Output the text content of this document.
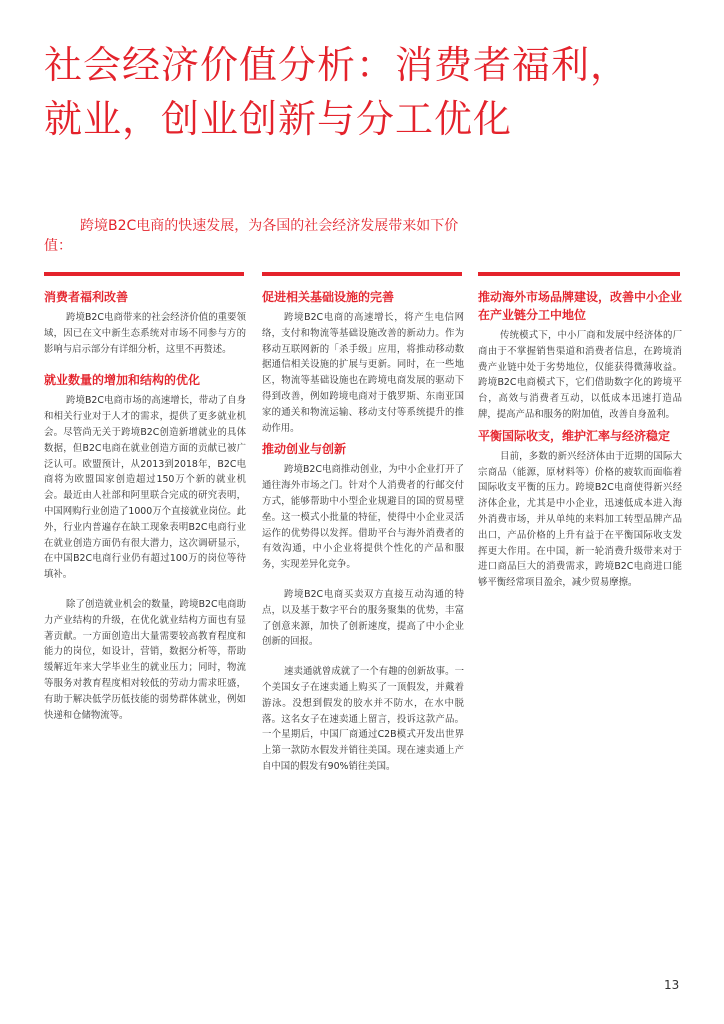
社会经济价值分析：消费者福利，
就业，创业创新与分工优化

跨境B2C电商的快速发展，为各国的社会经济发展带来如下价值：

消费者福利改善

跨境B2C电商带来的社会经济价值的重要领域，因已在文中新生态系统对市场不同参与方的影响与启示部分有详细分析，这里不再赘述。

就业数量的增加和结构的优化

跨境B2C电商市场的高速增长，带动了自身和相关行业对于人才的需求，提供了更多就业机会。尽管尚无关于跨境B2C创造新增就业的具体数据，但B2C电商在就业创造方面的贡献已被广泛认可。欧盟预计，从2013到2018年，B2C电商将为欧盟国家创造超过150万个新的就业机会。最近由人社部和阿里联合完成的研究表明，中国网购行业创造了1000万个直接就业岗位。此外，行业内普遍存在缺工现象表明B2C电商行业在就业创造方面仍有很大潜力，这次调研显示，在中国B2C电商行业仍有超过100万的岗位等待填补。

除了创造就业机会的数量，跨境B2C电商助力产业结构的升级，在优化就业结构方面也有显著贡献。一方面创造出大量需要较高教育程度和能力的岗位，如设计，营销，数据分析等，帮助缓解近年来大学毕业生的就业压力；同时，物流等服务对教育程度相对较低的劳动力需求旺盛，有助于解决低学历低技能的弱势群体就业，例如快递和仓储物流等。

促进相关基础设施的完善

跨境B2C电商的高速增长，将产生电信网络，支付和物流等基础设施改善的新动力。作为移动互联网新的「杀手级」应用，将推动移动数据通信相关设施的扩展与更新。同时，在一些地区，物流等基础设施也在跨境电商发展的驱动下得到改善，例如跨境电商对于俄罗斯、东南亚国家的通关和物流运输、移动支付等系统提升的推动作用。

推动创业与创新

跨境B2C电商推动创业，为中小企业打开了通往海外市场之门。针对个人消费者的行邮交付方式，能够帮助中小型企业规避目的国的贸易壁垒。这一模式小批量的特征，使得中小企业灵活运作的优势得以发挥。借助平台与海外消费者的有效沟通，中小企业将提供个性化的产品和服务，实现差异化竞争。

跨境B2C电商买卖双方直接互动沟通的特点，以及基于数字平台的服务聚集的优势，丰富了创意来源，加快了创新速度，提高了中小企业创新的回报。

速卖通就曾成就了一个有趣的创新故事。一个美国女子在速卖通上购买了一顶假发，并戴着游泳。没想到假发的胶水并不防水，在水中脱落。这名女子在速卖通上留言，投诉这款产品。一个星期后，中国厂商通过C2B模式开发出世界上第一款防水假发并销往美国。现在速卖通上产自中国的假发有90%销往美国。

推动海外市场品牌建设，改善中小企业在产业链分工中地位

传统模式下，中小厂商和发展中经济体的厂商由于不掌握销售渠道和消费者信息，在跨境消费产业链中处于劣势地位，仅能获得微薄收益。跨境B2C电商模式下，它们借助数字化的跨境平台，高效与消费者互动，以低成本迅速打造品牌，提高产品和服务的附加值，改善自身盈利。

平衡国际收支，维护汇率与经济稳定

目前，多数的新兴经济体由于近期的国际大宗商品（能源，原材料等）价格的疲软而面临着国际收支平衡的压力。跨境B2C电商使得新兴经济体企业，尤其是中小企业，迅速低成本进入海外消费市场，并从单纯的来料加工转型品牌产品出口，产品价格的上升有益于在平衡国际收支发挥更大作用。在中国，新一轮消费升级带来对于进口商品巨大的消费需求，跨境B2C电商进口能够平衡经常项目盈余，减少贸易摩擦。

13
